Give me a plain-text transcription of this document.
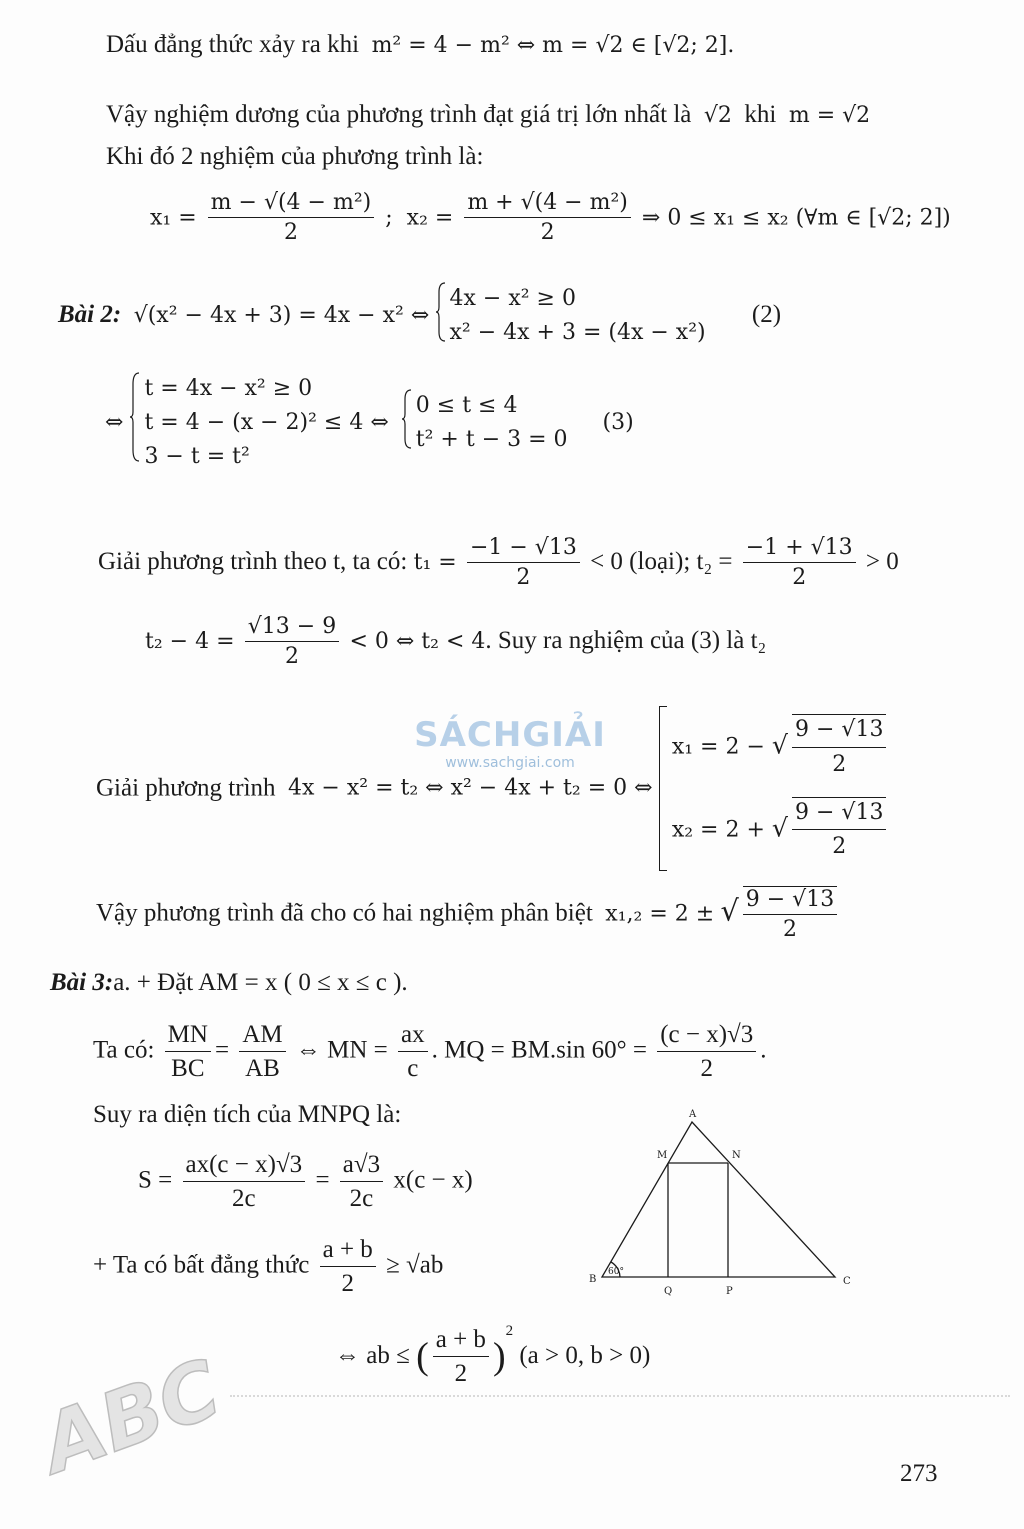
Dấu đẳng thức xảy ra khi m² = 4 − m² ⇔ m = √2 ∈ [√2; 2].
Vậy nghiệm dương của phương trình đạt giá trị lớn nhất là √2 khi m = √2
Khi đó 2 nghiệm của phương trình là:
$x_1 = \frac{\text{m − √(4 − m²)}}{2}$ ; $x_2 = \frac{\text{m + √(4 − m²)}}{2}$ ⇒ 0 ≤ x₁ ≤ x₂ (∀m ∈ [√2; 2])
Bài 2: √(x² − 4x + 3) = 4x − x² ⇔
4x − x² ≥ 0
x² − 4x + 3 = (4x − x²)
(2)
⇔
t = 4x − x² ≥ 0
t = 4 − (x − 2)² ≤ 4 ⇔
3 − t = t²

0 ≤ t ≤ 4
t² + t − 3 = 0
(3)
Giải phương trình theo t, ta có: $t_1 = \frac{-1 - √13}{2} < 0$ (loại); $t_2 = \frac{-1 + √13}{2} > 0$
$t_2 - 4 = \frac{√13 - 9}{2} < 0$ ⇔ t₂ < 4. Suy ra nghiệm của (3) là t₂
SÁCHGIẢI
www.sachgiai.com
Giải phương trình 4x − x² = t₂ ⇔ x² − 4x + t₂ = 0 ⇔
x₁ = 2 − √ $\frac{9 - √13}{2}$
x₂ = 2 + √ $\frac{9 - √13}{2}$
Vậy phương trình đã cho có hai nghiệm phân biệt x₁,₂ = 2 ± √ $\frac{9 - √13}{2}$
Bài 3:a. + Đặt AM = x ( 0 ≤ x ≤ c ).
Ta có: $\frac{MN}{BC} = \frac{AM}{AB}$ ⇔ MN = $\frac{ax}{c}$ . MQ = BM.sin $60^\circ = \frac{(c - x)√3}{2}$ .
Suy ra diện tích của MNPQ là:
$S = \frac{ax(c - x)√3}{2c} = \frac{a√3}{2c} x(c - x)$
+ Ta có bất đẳng thức $\frac{a + b}{2} \ge √ab$
⇔ ab ≤ ( $\frac{a + b}{2} )^2$ (a > 0, b > 0)
A
M	N
B
Q	P
C
60°
ABC	273
